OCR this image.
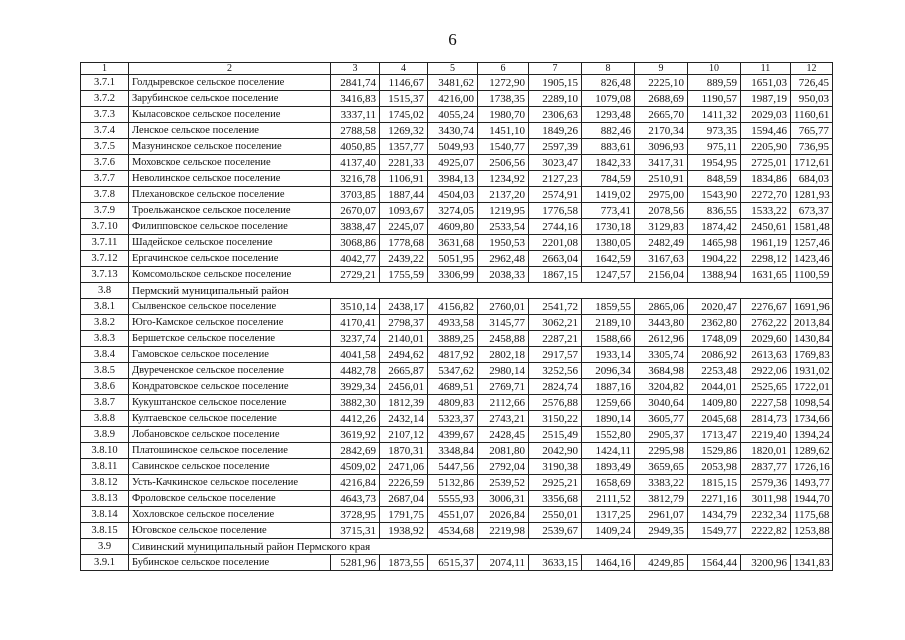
6
1	2	3	4	5	6	7	8	9	10	11	12
3.7.1	Голдыревское сельское поселение	2841,74	1146,67	3481,62	1272,90	1905,15	826,48	2225,10	889,59	1651,03	726,45
3.7.2	Зарубинское сельское поселение	3416,83	1515,37	4216,00	1738,35	2289,10	1079,08	2688,69	1190,57	1987,19	950,03
3.7.3	Кыласовское сельское поселение	3337,11	1745,02	4055,24	1980,70	2306,63	1293,48	2665,70	1411,32	2029,03	1160,61
3.7.4	Ленское сельское поселение	2788,58	1269,32	3430,74	1451,10	1849,26	882,46	2170,34	973,35	1594,46	765,77
3.7.5	Мазунинское сельское поселение	4050,85	1357,77	5049,93	1540,77	2597,39	883,61	3096,93	975,11	2205,90	736,95
3.7.6	Моховское сельское поселение	4137,40	2281,33	4925,07	2506,56	3023,47	1842,33	3417,31	1954,95	2725,01	1712,61
3.7.7	Неволинское сельское поселение	3216,78	1106,91	3984,13	1234,92	2127,23	784,59	2510,91	848,59	1834,86	684,03
3.7.8	Плехановское сельское поселение	3703,85	1887,44	4504,03	2137,20	2574,91	1419,02	2975,00	1543,90	2272,70	1281,93
3.7.9	Троельжанское сельское поселение	2670,07	1093,67	3274,05	1219,95	1776,58	773,41	2078,56	836,55	1533,22	673,37
3.7.10	Филипповское сельское поселение	3838,47	2245,07	4609,80	2533,54	2744,16	1730,18	3129,83	1874,42	2450,61	1581,48
3.7.11	Шадейское сельское поселение	3068,86	1778,68	3631,68	1950,53	2201,08	1380,05	2482,49	1465,98	1961,19	1257,46
3.7.12	Ергачинское сельское поселение	4042,77	2439,22	5051,95	2962,48	2663,04	1642,59	3167,63	1904,22	2298,12	1423,46
3.7.13	Комсомольское сельское поселение	2729,21	1755,59	3306,99	2038,33	1867,15	1247,57	2156,04	1388,94	1631,65	1100,59
3.8	Пермский муниципальный район										
3.8.1	Сылвенское сельское поселение	3510,14	2438,17	4156,82	2760,01	2541,72	1859,55	2865,06	2020,47	2276,67	1691,96
3.8.2	Юго-Камское сельское поселение	4170,41	2798,37	4933,58	3145,77	3062,21	2189,10	3443,80	2362,80	2762,22	2013,84
3.8.3	Бершетское сельское поселение	3237,74	2140,01	3889,25	2458,88	2287,21	1588,66	2612,96	1748,09	2029,60	1430,84
3.8.4	Гамовское сельское поселение	4041,58	2494,62	4817,92	2802,18	2917,57	1933,14	3305,74	2086,92	2613,63	1769,83
3.8.5	Двуреченское сельское поселение	4482,78	2665,87	5347,62	2980,14	3252,56	2096,34	3684,98	2253,48	2922,06	1931,02
3.8.6	Кондратовское сельское поселение	3929,34	2456,01	4689,51	2769,71	2824,74	1887,16	3204,82	2044,01	2525,65	1722,01
3.8.7	Кукуштанское сельское поселение	3882,30	1812,39	4809,83	2112,66	2576,88	1259,66	3040,64	1409,80	2227,58	1098,54
3.8.8	Култаевское сельское поселение	4412,26	2432,14	5323,37	2743,21	3150,22	1890,14	3605,77	2045,68	2814,73	1734,66
3.8.9	Лобановское сельское поселение	3619,92	2107,12	4399,67	2428,45	2515,49	1552,80	2905,37	1713,47	2219,40	1394,24
3.8.10	Платошинское сельское поселение	2842,69	1870,31	3348,84	2081,80	2042,90	1424,11	2295,98	1529,86	1820,01	1289,62
3.8.11	Савинское сельское поселение	4509,02	2471,06	5447,56	2792,04	3190,38	1893,49	3659,65	2053,98	2837,77	1726,16
3.8.12	Усть-Качкинское сельское поселение	4216,84	2226,59	5132,86	2539,52	2925,21	1658,69	3383,22	1815,15	2579,36	1493,77
3.8.13	Фроловское сельское поселение	4643,73	2687,04	5555,93	3006,31	3356,68	2111,52	3812,79	2271,16	3011,98	1944,70
3.8.14	Хохловское сельское поселение	3728,95	1791,75	4551,07	2026,84	2550,01	1317,25	2961,07	1434,79	2232,34	1175,68
3.8.15	Юговское сельское поселение	3715,31	1938,92	4534,68	2219,98	2539,67	1409,24	2949,35	1549,77	2222,82	1253,88
3.9	Сивинский муниципальный район Пермского края										
3.9.1	Бубинское сельское поселение	5281,96	1873,55	6515,37	2074,11	3633,15	1464,16	4249,85	1564,44	3200,96	1341,83
